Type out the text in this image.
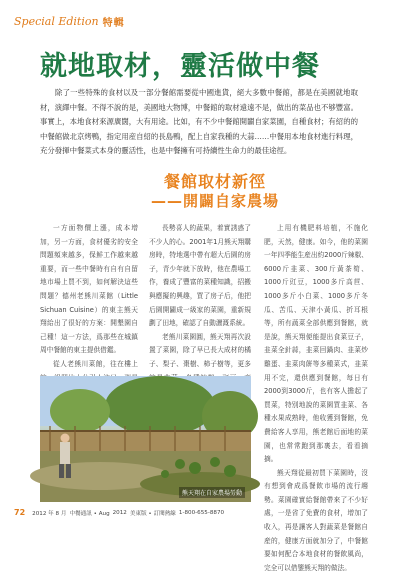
Special Edition 特輯
就地取材，靈活做中餐

除了一些特殊的食材以及一部分餐館需要從中國進貨，絕大多數中餐館，都是在美國就地取材，演繹中餐。不得不說的是，美國地大物博，中餐館的取材遠遠不是，做出的菜品也不够豐富。事實上，本地食材來源廣闊，大有用途。比如，有不少中餐館開闢自家菜園，自種食材；有紹的的中餐館做北京烤鴨，指定用産自紹的長島鴨，配上自家我種的大蒜……中餐用本地食材進行料理，充分發揮中餐菜式本身的靈活性，也是中餐擁有可持續性生命力的最佳途徑。

餐館取材新徑
——開闢自家農場

一方面物價上漲，成本增加，另一方面，食材優劣的安全問題頻來越多，保鮮工作越來越重要，而一些中餐時有自有自留地市場上買不到，如何解決這些問題？德州老熊川菜館（Little Sichuan Cuisine）的東主熊天翔給出了很好的方案：開墾園自己種！這一方法，爲那些在城鎮周中餐館的東主提供借鑑。

從人老熊川菜館，往在樓上

長勢喜人的蔬果，着實誘惑了不少人的心。2001年1月熊天翔購房時，特地選中帶有超大后園的房子，青少年就下放時，他在農場工作，養成了豐富的菜種知識，招搬與應擬的興趣，買了房子后，他把后園開闢成一級家的菜園，重新規劃了田地，確認了自動灑溉系統。

老熊川菜園圓，熊天翔再次設置了菜園，除了早已長大成材的橘子、梨子、棗樹、柿子樹等，更多

上用有機肥料培植，不施化肥，天然，健康。如今，他的菜園一年四季能生産出約2000斤辣椒、6000斤韭菜、300斤黃茶筍、1000斤豇豆，1000多斤高苣、1000多斤小白菜、1000多斤冬瓜、苦瓜、天津小黃瓜、折耳根等，所有蔬菜全部供應到餐館，就是說，熊天翔便能提出食菜豆子，韭菜全針蒜，韭菜回鍋肉、韭菜炒雞蛋、韭菜肉餅等多種菜式，韭菜用不完，還供應到餐館，每日有2000到3000斤，也有客人擔起了買菜，特別地說的菜園買韭菜、各種水果成熟時，他收獲到餐館，免費給客人享用，熊老館后面地的菜園，也常常跑到那裏去，看看摘摘。

熊天翔從最初買下菜園時，沒有想到會成爲餐飲市場的流行趨勢。菜園確實給餐館帶來了不少好處，一是省了免費的食材，增加了收入，再是讓客人對蔬菜是餐館自産的，健康方面就加分了，中餐館要如何配合本地食材的餐飲風尚，完全可以借鑒熊天翔的做法。

熊天翔在自家農場勞動
72 2012 年 8 月 中餐通訊 • Aug 2012 美東版 • 訂閱熱線 1-800-655-8870
